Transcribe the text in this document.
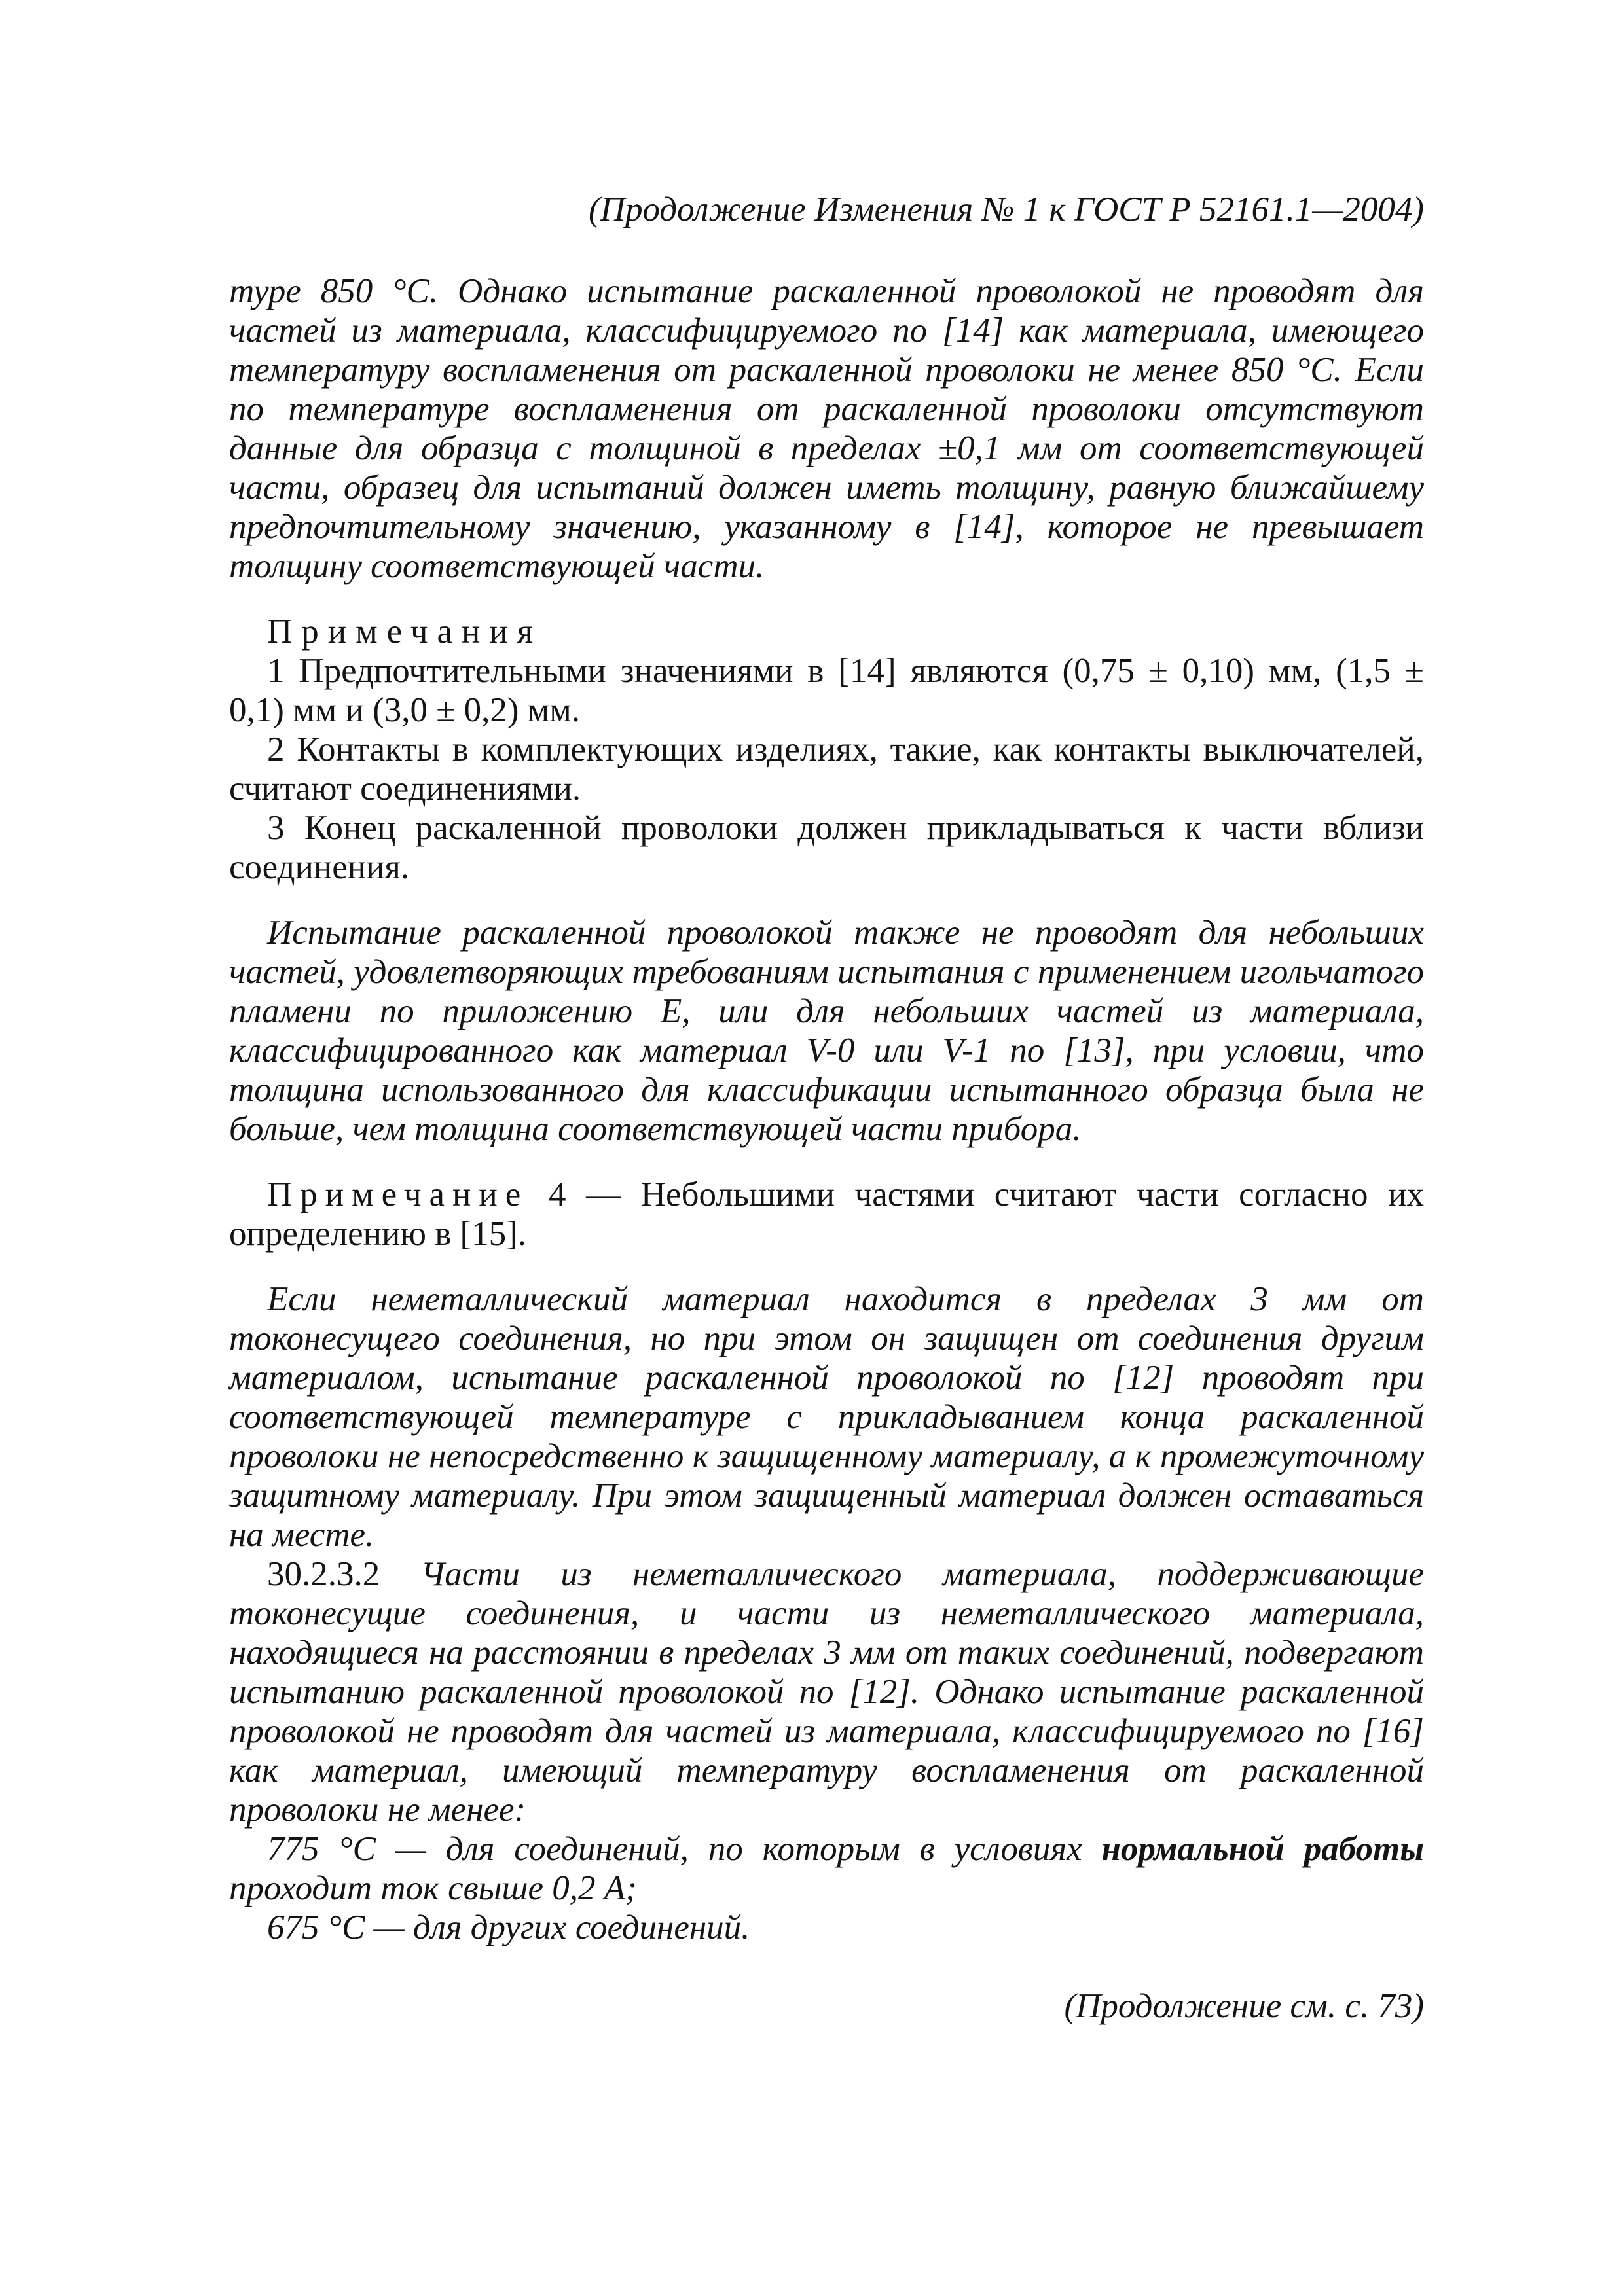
(Продолжение Изменения № 1 к ГОСТ Р 52161.1—2004)

туре 850 °С. Однако испытание раскаленной проволокой не проводят для частей из материала, классифицируемого по [14] как материала, имеющего температуру воспламенения от раскаленной проволоки не менее 850 °С. Если по температуре воспламенения от раскаленной проволоки отсутствуют данные для образца с толщиной в пределах ±0,1 мм от соответствующей части, образец для испытаний должен иметь толщину, равную ближайшему предпочтительному значению, указанному в [14], которое не превышает толщину соответствующей части.

Примечания

1 Предпочтительными значениями в [14] являются (0,75 ± 0,10) мм, (1,5 ± 0,1) мм и (3,0 ± 0,2) мм.

2 Контакты в комплектующих изделиях, такие, как контакты выключателей, считают соединениями.

3 Конец раскаленной проволоки должен прикладываться к части вблизи соединения.

Испытание раскаленной проволокой также не проводят для небольших частей, удовлетворяющих требованиям испытания с применением игольчатого пламени по приложению Е, или для небольших частей из материала, классифицированного как материал V-0 или V-1 по [13], при условии, что толщина использованного для классификации испытанного образца была не больше, чем толщина соответствующей части прибора.

Примечание 4 — Небольшими частями считают части согласно их определению в [15].

Если неметаллический материал находится в пределах 3 мм от токонесущего соединения, но при этом он защищен от соединения другим материалом, испытание раскаленной проволокой по [12] проводят при соответствующей температуре с прикладыванием конца раскаленной проволоки не непосредственно к защищенному материалу, а к промежуточному защитному материалу. При этом защищенный материал должен оставаться на месте.

30.2.3.2 Части из неметаллического материала, поддерживающие токонесущие соединения, и части из неметаллического материала, находящиеся на расстоянии в пределах 3 мм от таких соединений, подвергают испытанию раскаленной проволокой по [12]. Однако испытание раскаленной проволокой не проводят для частей из материала, классифицируемого по [16] как материал, имеющий температуру воспламенения от раскаленной проволоки не менее:

775 °С — для соединений, по которым в условиях нормальной работы проходит ток свыше 0,2 А;

675 °С — для других соединений.

(Продолжение см. с. 73)
